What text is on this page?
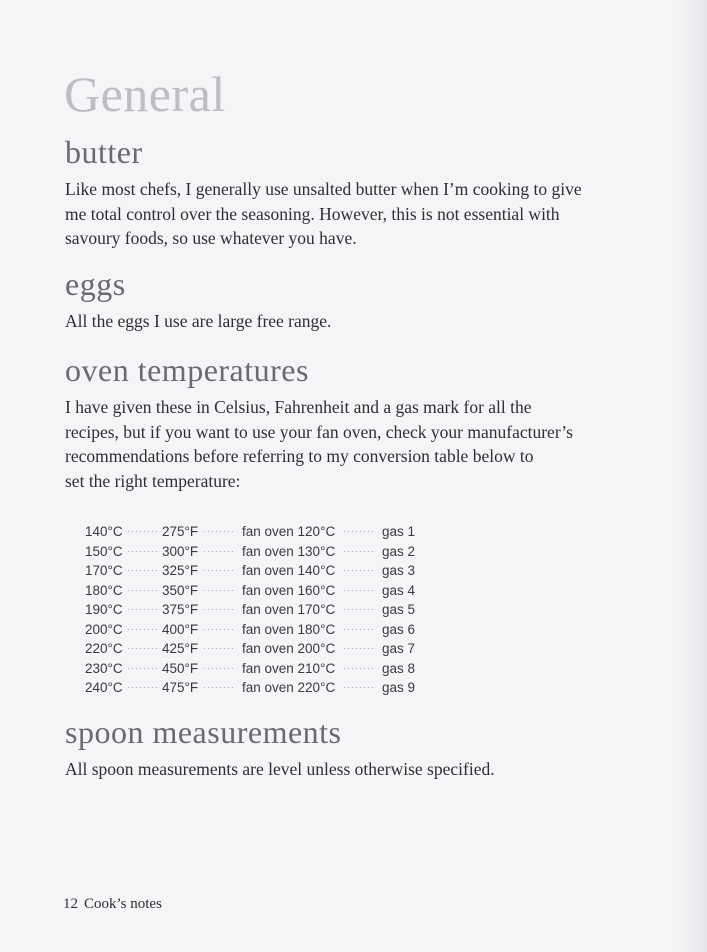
General
butter

Like most chefs, I generally use unsalted butter when I’m cooking to give
me total control over the seasoning. However, this is not essential with
savoury foods, so use whatever you have.

eggs

All the eggs I use are large free range.

oven temperatures

I have given these in Celsius, Fahrenheit and a gas mark for all the
recipes, but if you want to use your fan oven, check your manufacturer’s
recommendations before referring to my conversion table below to
set the right temperature:

140°C ········ 275°F ········ fan oven 120°C ········ gas 1
150°C ········ 300°F ········ fan oven 130°C ········ gas 2
170°C ········ 325°F ········ fan oven 140°C ········ gas 3
180°C ········ 350°F ········ fan oven 160°C ········ gas 4
190°C ········ 375°F ········ fan oven 170°C ········ gas 5
200°C ········ 400°F ········ fan oven 180°C ········ gas 6
220°C ········ 425°F ········ fan oven 200°C ········ gas 7
230°C ········ 450°F ········ fan oven 210°C ········ gas 8
240°C ········ 475°F ········ fan oven 220°C ········ gas 9
spoon measurements

All spoon measurements are level unless otherwise specified.

12 Cook’s notes
